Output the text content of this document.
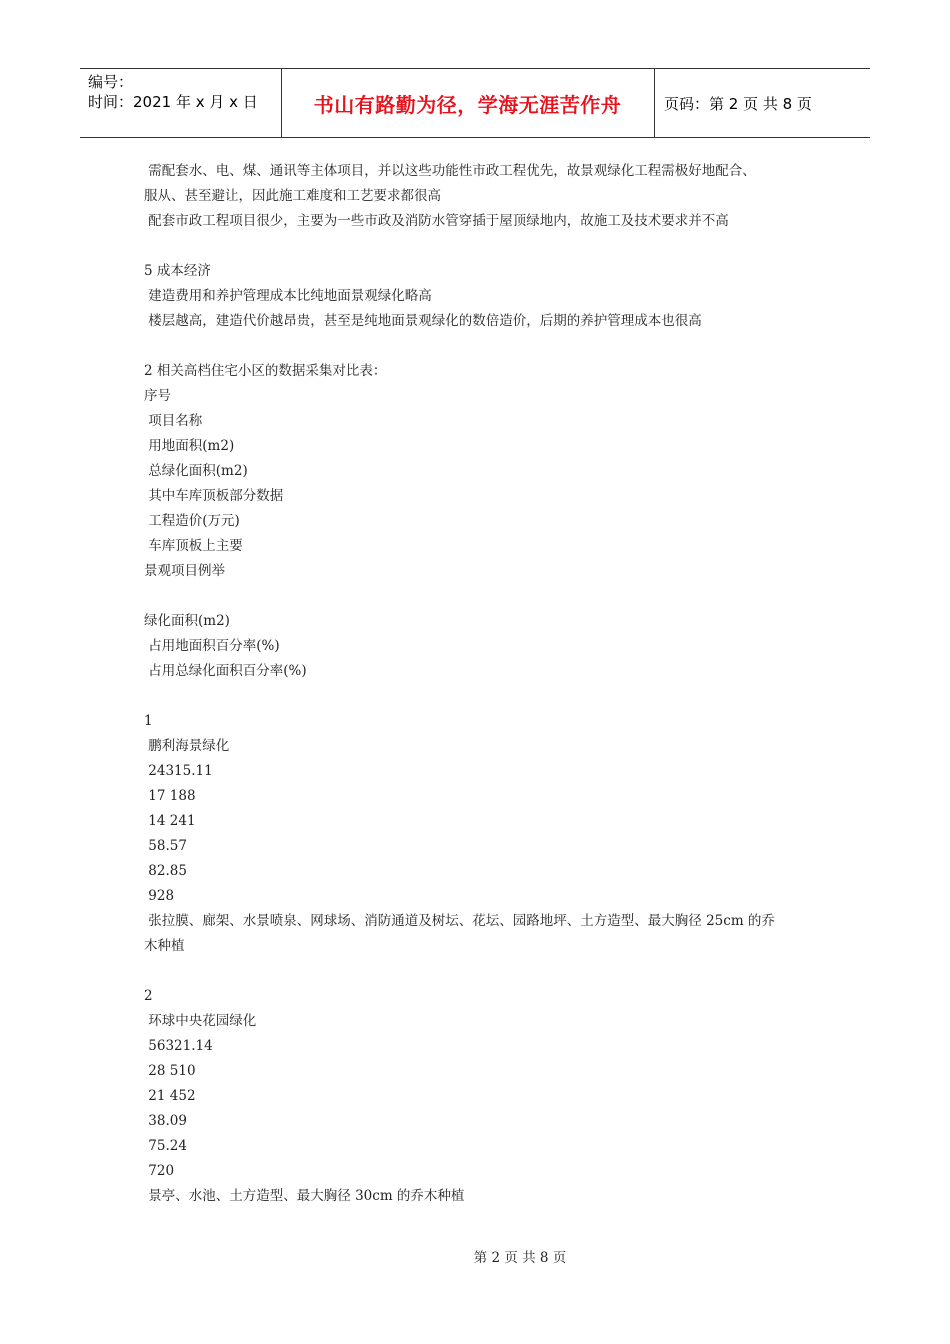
编号：
时间：2021 年 x 月 x 日	书山有路勤为径，学海无涯苦作舟	页码：第 2 页 共 8 页
需配套水、电、煤、通讯等主体项目，并以这些功能性市政工程优先，故景观绿化工程需极好地配合、
服从、甚至避让，因此施工难度和工艺要求都很高
配套市政工程项目很少，主要为一些市政及消防水管穿插于屋顶绿地内，故施工及技术要求并不高
5 成本经济
建造费用和养护管理成本比纯地面景观绿化略高
楼层越高，建造代价越昂贵，甚至是纯地面景观绿化的数倍造价，后期的养护管理成本也很高
2 相关高档住宅小区的数据采集对比表：
序号
项目名称
用地面积(m2)
总绿化面积(m2)
其中车库顶板部分数据
工程造价(万元)
车库顶板上主要
景观项目例举
绿化面积(m2)
占用地面积百分率(%)
占用总绿化面积百分率(%)
1
鹏利海景绿化
24315.11
17 188
14 241
58.57
82.85
928
张拉膜、廊架、水景喷泉、网球场、消防通道及树坛、花坛、园路地坪、土方造型、最大胸径 25cm 的乔
木种植
2
环球中央花园绿化
56321.14
28 510
21 452
38.09
75.24
720
景亭、水池、土方造型、最大胸径 30cm 的乔木种植
第 2 页 共 8 页
